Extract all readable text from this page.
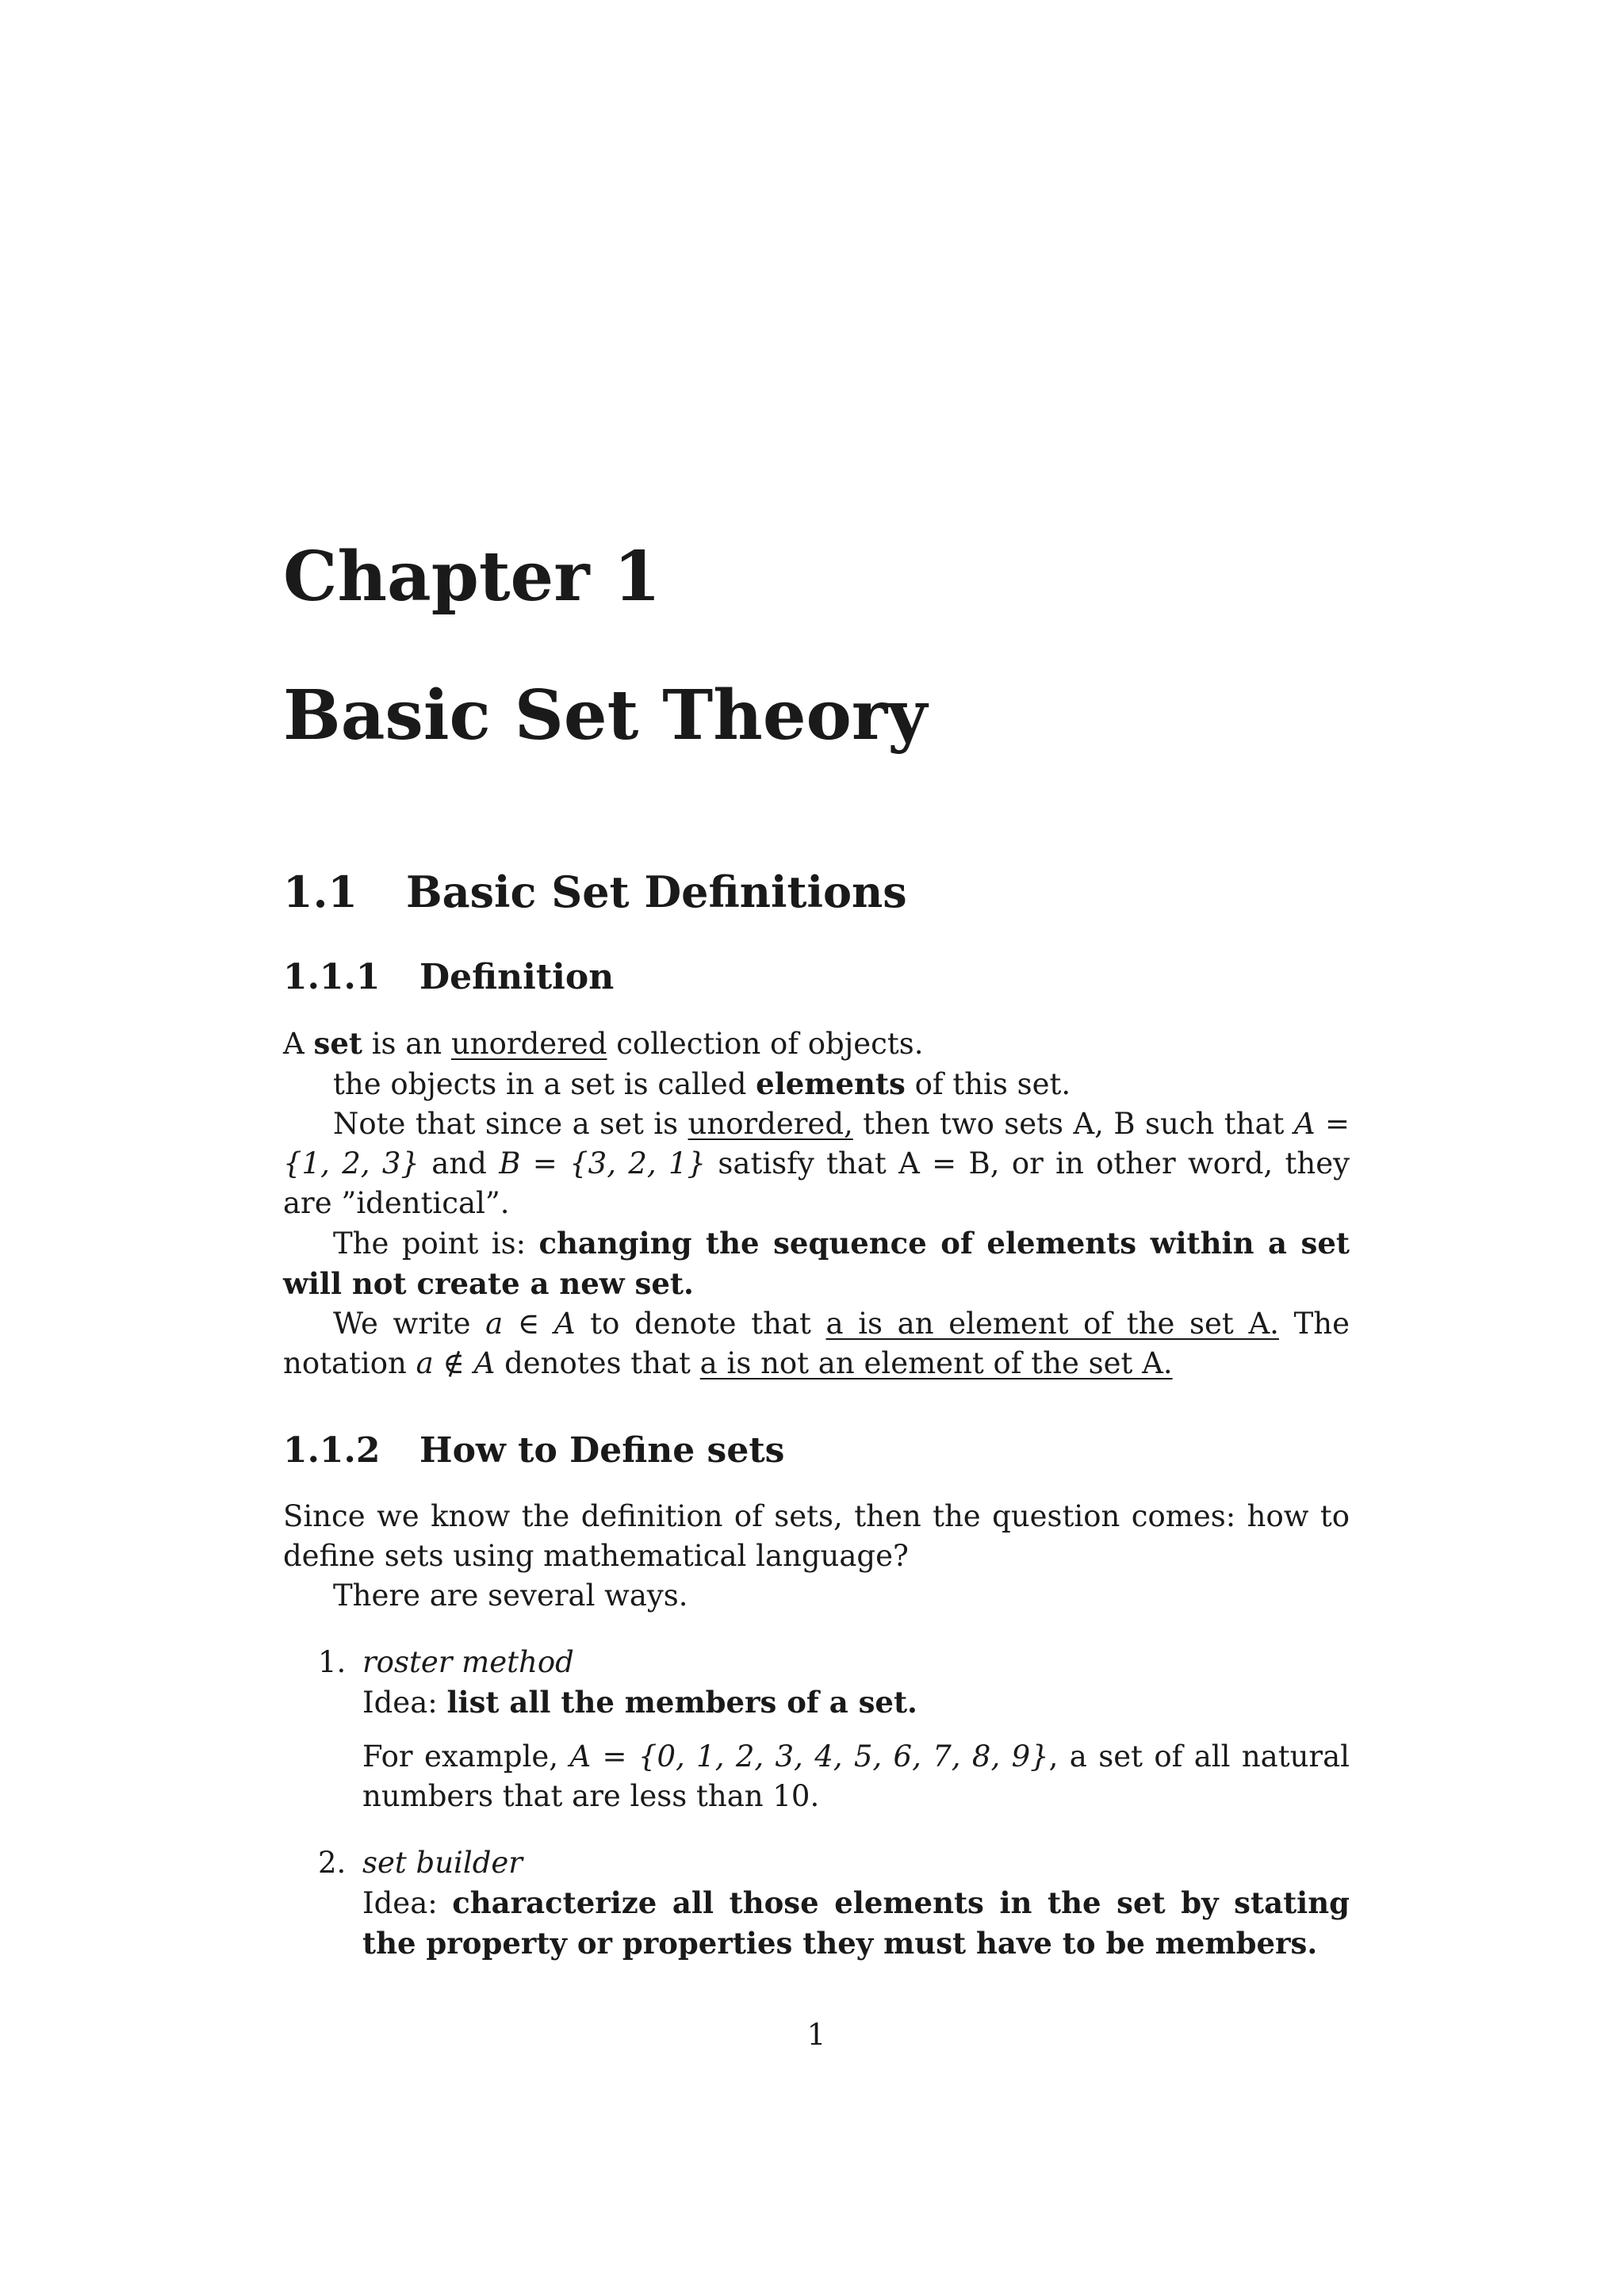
Chapter 1
Basic Set Theory
1.1 Basic Set Definitions
1.1.1 Definition

A set is an unordered collection of objects.

the objects in a set is called elements of this set.

Note that since a set is unordered, then two sets A, B such that A = {1, 2, 3} and B = {3, 2, 1} satisfy that A = B, or in other word, they are ”identical”.

The point is: changing the sequence of elements within a set will not create a new set.

We write a ∈ A to denote that a is an element of the set A. The notation a ∉ A denotes that a is not an element of the set A.

1.1.2 How to Define sets

Since we know the definition of sets, then the question comes: how to define sets using mathematical language?

There are several ways.

1. roster method

Idea: list all the members of a set.

For example, A = {0, 1, 2, 3, 4, 5, 6, 7, 8, 9}, a set of all natural numbers that are less than 10.

2. set builder

Idea: characterize all those elements in the set by stating the property or properties they must have to be members.

1
